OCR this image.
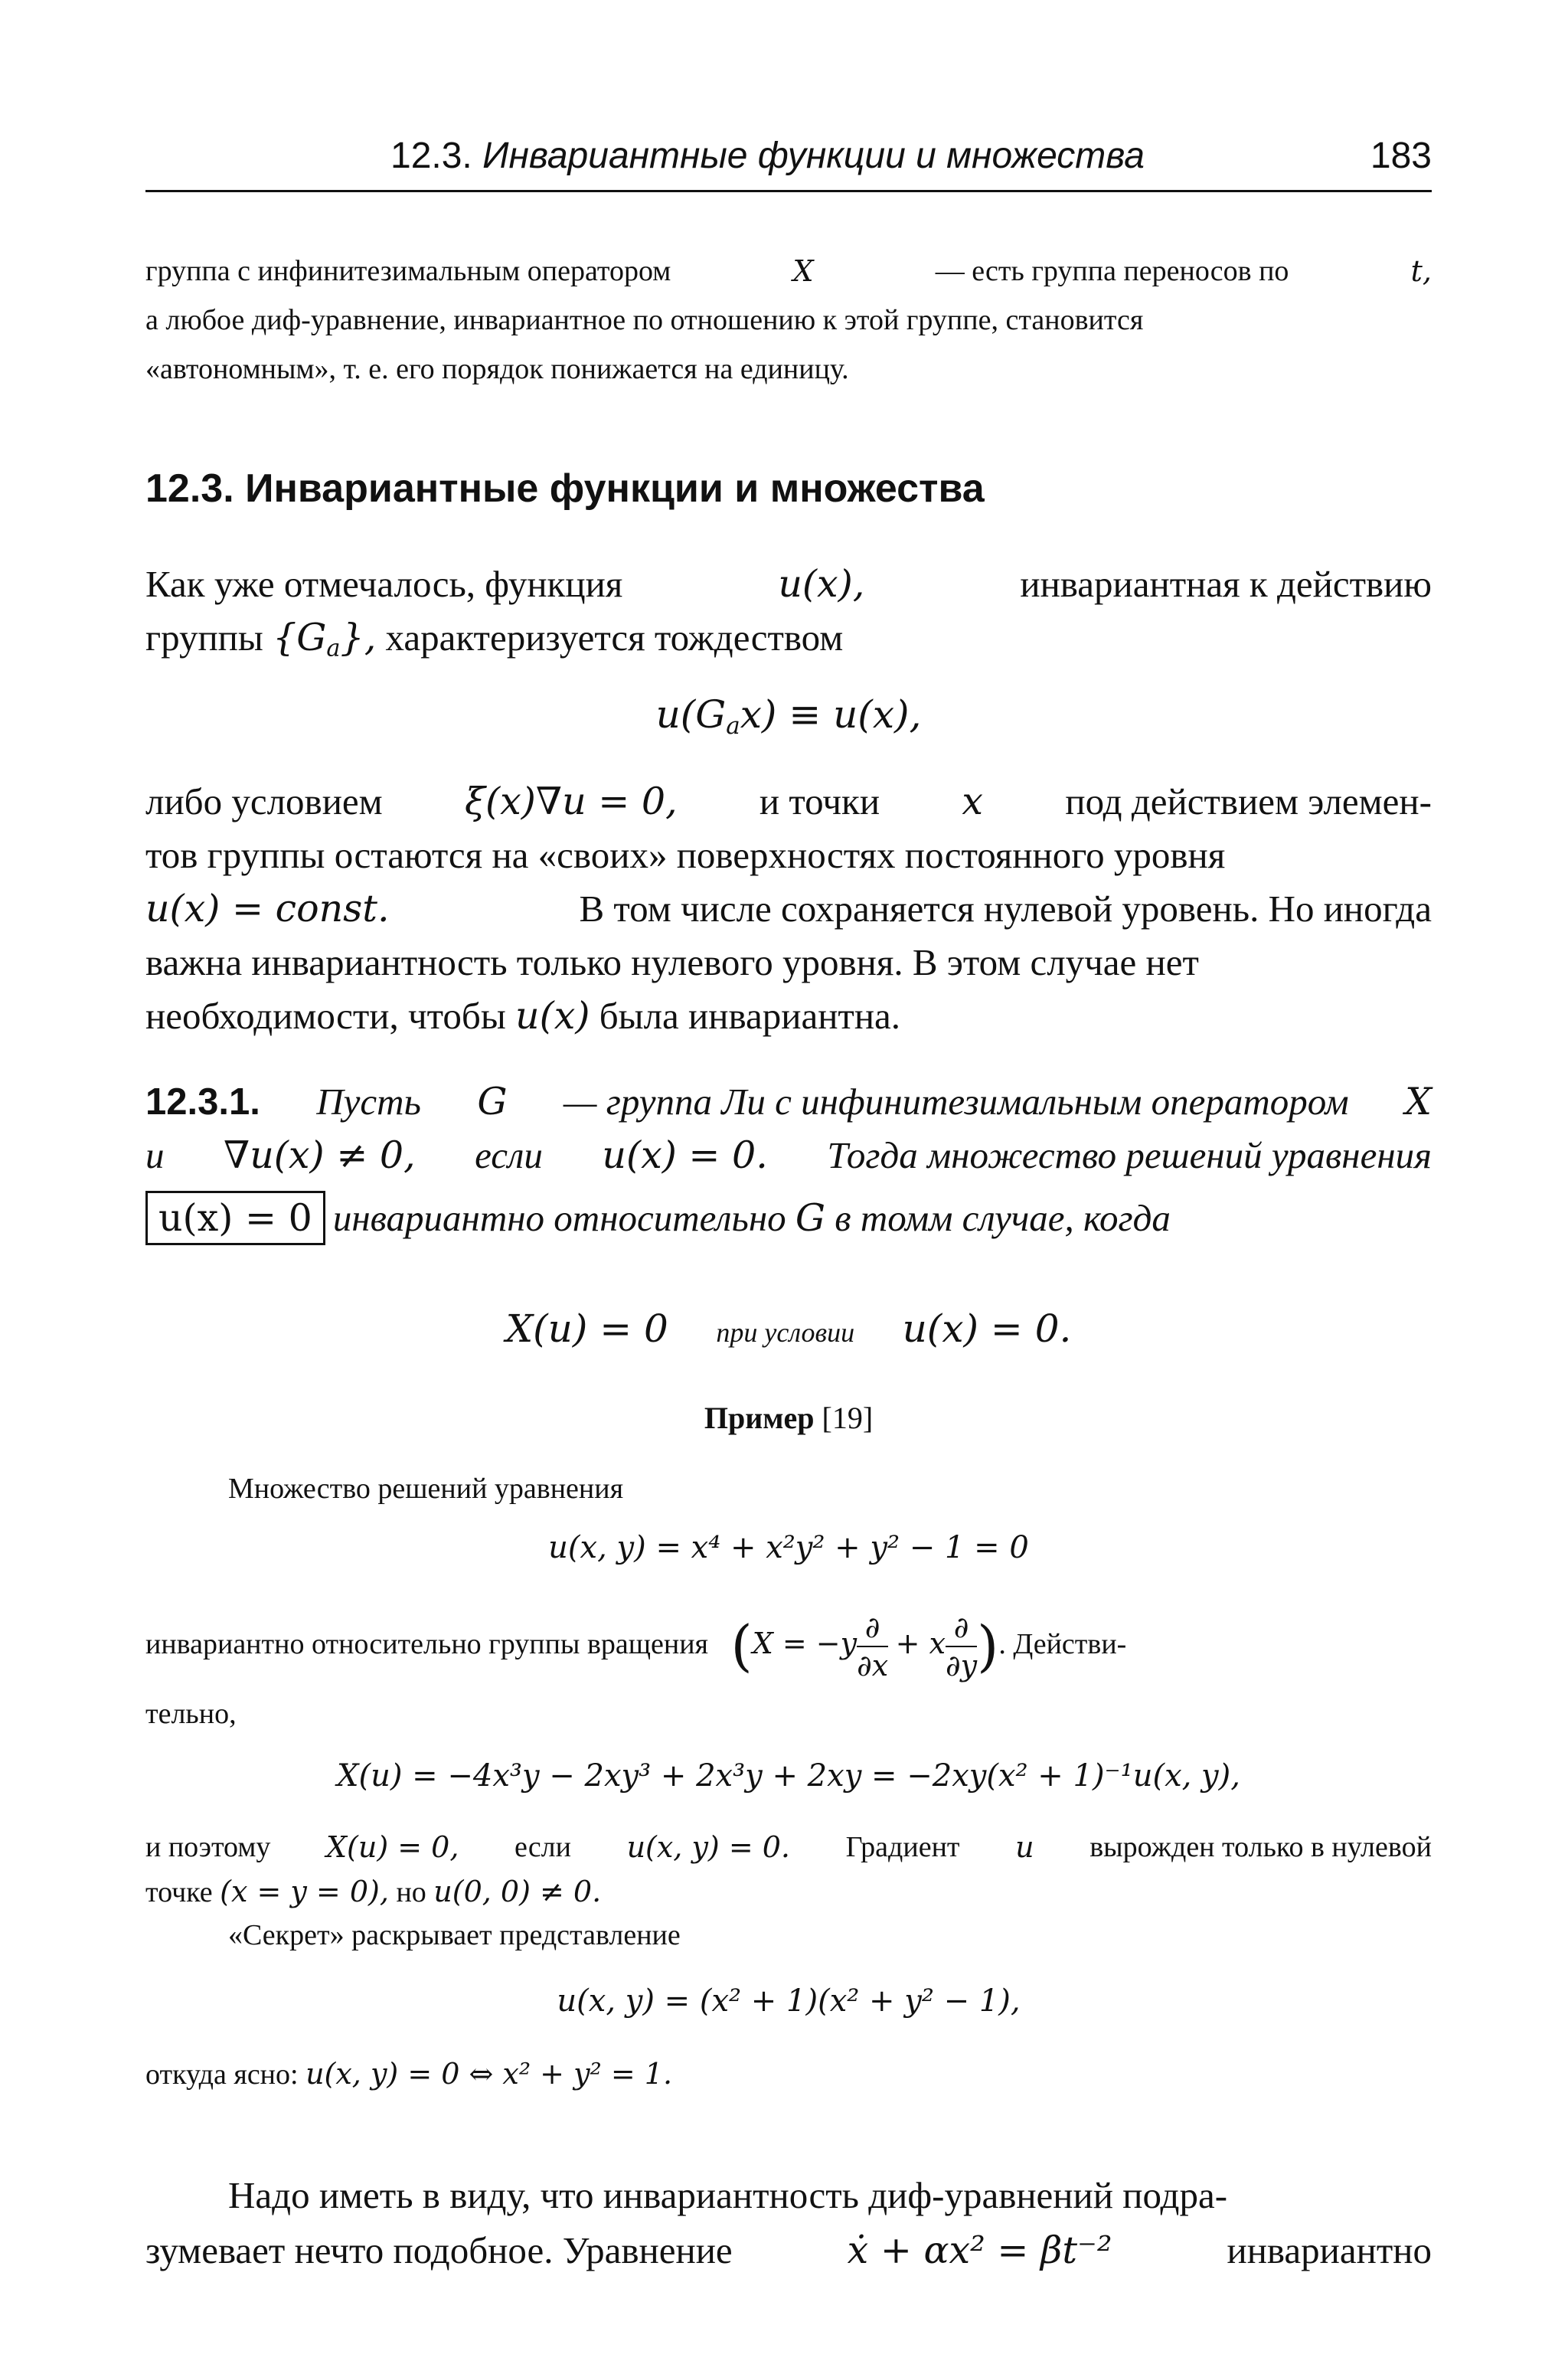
12.3. Инвариантные функции и множества	183
группа с инфинитезимальным оператором	X	— есть группа переносов по	t,
а любое диф-уравнение, инвариантное по отношению к этой группе, становится
«автономным», т. е. его порядок понижается на единицу.
12.3. Инвариантные функции и множества
Как уже отмечалось, функция	u(x),	инвариантная к действию
группы $\{G_a\}$, характеризуется тождеством
$u(G_ax) \equiv u(x)$,
либо условием ξ(x)∇u = 0, и точки x под действием элемен-
тов группы остаются на «своих» поверхностях постоянного уровня
u(x) = const.	В том числе сохраняется нулевой уровень. Но иногда
важна инвариантность только нулевого уровня. В этом случае нет
необходимости, чтобы u(x) была инвариантна.
12.3.1. Пусть G — группа Ли с инфинитезимальным оператором X
и ∇u(x) ≠ 0, если u(x) = 0. Тогда множество решений уравнения
u(x) = 0 инвариантно относительно G в томм случае, когда
X(u) = 0 при условии u(x) = 0.
Пример [19]
Множество решений уравнения
u(x, y) = x⁴ + x²y² + y² − 1 = 0
инвариантно относительно группы вращения ($X = -y \frac{\partial}{\partial x} + x \frac{\partial}{\partial y}$ ). Действи-
тельно,
X(u) = −4x³y − 2xy³ + 2x³y + 2xy = −2xy(x² + 1)⁻¹u(x, y),
и поэтому X(u) = 0, если u(x, y) = 0. Градиент u вырожден только в нулевой
точке (x = y = 0), но u(0, 0) ≠ 0.
«Секрет» раскрывает представление
u(x, y) = (x² + 1)(x² + y² − 1),
откуда ясно: u(x, y) = 0 ⇔ x² + y² = 1.
Надо иметь в виду, что инвариантность диф-уравнений подра-
зумевает нечто подобное. Уравнение	ẋ + αx² = βt⁻²	инвариантно
